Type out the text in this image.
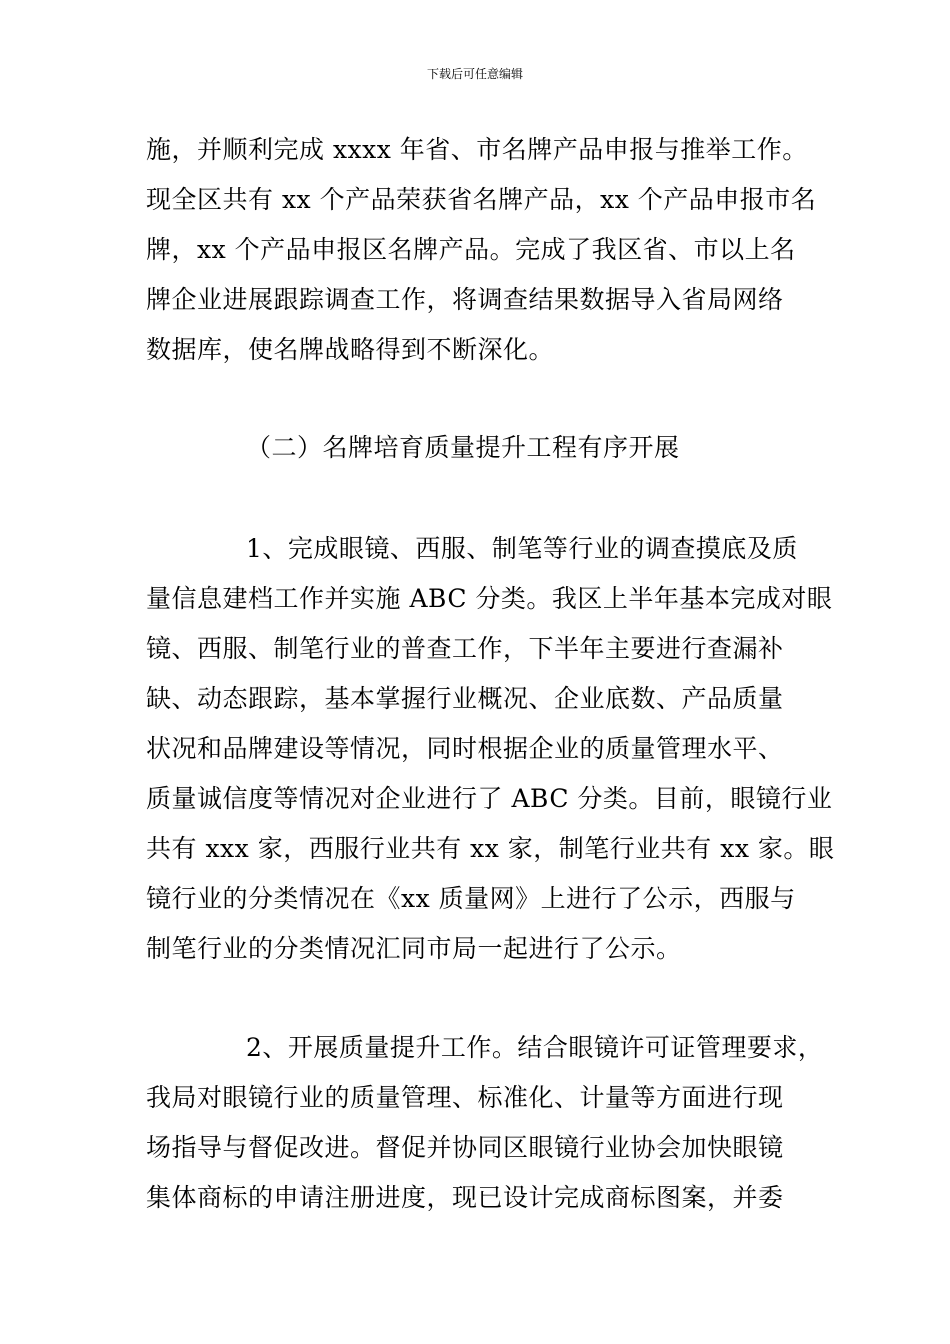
下载后可任意编辑
施，并顺利完成 xxxx 年省、市名牌产品申报与推举工作。
现全区共有 xx 个产品荣获省名牌产品，xx 个产品申报市名
牌，xx 个产品申报区名牌产品。完成了我区省、市以上名
牌企业进展跟踪调查工作，将调查结果数据导入省局网络
数据库，使名牌战略得到不断深化。
（二）名牌培育质量提升工程有序开展
1、完成眼镜、西服、制笔等行业的调查摸底及质
量信息建档工作并实施 ABC 分类。我区上半年基本完成对眼
镜、西服、制笔行业的普查工作，下半年主要进行查漏补
缺、动态跟踪，基本掌握行业概况、企业底数、产品质量
状况和品牌建设等情况，同时根据企业的质量管理水平、
质量诚信度等情况对企业进行了 ABC 分类。目前，眼镜行业
共有 xxx 家，西服行业共有 xx 家，制笔行业共有 xx 家。眼
镜行业的分类情况在《xx 质量网》上进行了公示，西服与
制笔行业的分类情况汇同市局一起进行了公示。
2、开展质量提升工作。结合眼镜许可证管理要求，
我局对眼镜行业的质量管理、标准化、计量等方面进行现
场指导与督促改进。督促并协同区眼镜行业协会加快眼镜
集体商标的申请注册进度，现已设计完成商标图案，并委
